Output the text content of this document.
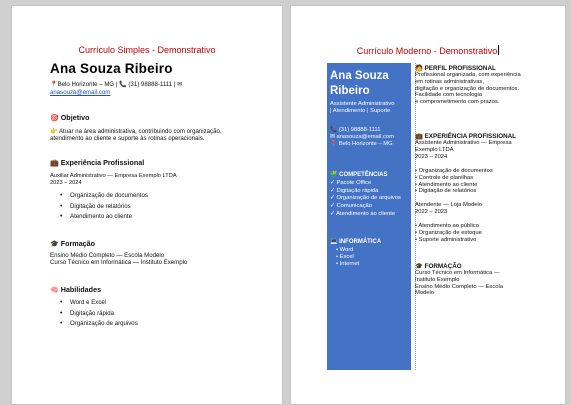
Currículo Simples - Demonstrativo
Ana Souza Ribeiro
📍Belo Horizonte – MG | 📞 (31) 98888-1111 | ✉
anasouza@email.com
🎯 Objetivo
👉 Atuar na área administrativa, contribuindo com organização,
atendimento ao cliente e suporte às rotinas operacionais.
💼 Experiência Profissional
Auxiliar Administrativo — Empresa Exemplo LTDA
2023 – 2024
• Organização de documentos
• Digitação de relatórios
• Atendimento ao cliente
🎓 Formação
Ensino Médio Completo — Escola Modelo
Curso Técnico em Informática — Instituto Exemplo
🧠 Habilidades
• Word e Excel
• Digitação rápida
• Organização de arquivos
Currículo Moderno - Demonstrativo
Ana Souza
Ribeiro
Assistente Administrativo
| Atendimento | Suporte
📞 (31) 98888-1111
✉ anasouza@email.com
📍 Belo Horizonte – MG
🧩 COMPETÊNCIAS
✓ Pacote Office
✓ Digitação rápida
✓ Organização de arquivos
✓ Comunicação
✓ Atendimento ao cliente
💻 INFORMÁTICA
• Word
• Excel
• Internet
🧑 PERFIL PROFISSIONAL
Profissional organizada, com experiência
em rotinas administrativas,
digitação e organização de documentos.
Facilidade com tecnologia
e comprometimento com prazos.
💼 EXPERIÊNCIA PROFISSIONAL
Assistente Administrativo — Empresa
Exemplo LTDA
2023 – 2024
• Organização de documentos
• Controle de planilhas
• Atendimento ao cliente
• Digitação de relatórios
Atendente — Loja Modelo
2022 – 2023
• Atendimento ao público
• Organização de estoque
• Suporte administrativo
🎓 FORMAÇÃO
Curso Técnico em Informática —
Instituto Exemplo
Ensino Médio Completo — Escola
Modelo
